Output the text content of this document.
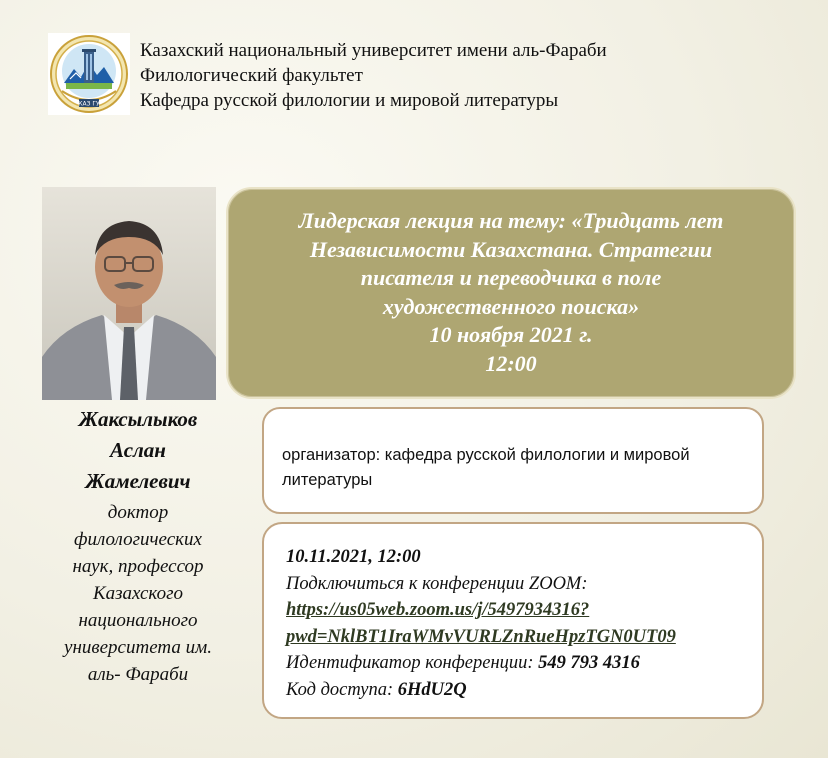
КАЗ ГУ
Казахский национальный университет имени аль-Фараби
Филологический факультет
Кафедра русской филологии и мировой литературы
Жаксылыков
Аслан
Жамелевич
доктор
филологических
наук, профессор
Казахского
национального
университета им.
аль- Фараби
Лидерская лекция на тему: «Тридцать лет
Независимости Казахстана. Стратегии
писателя и переводчика в поле
художественного поиска»
10 ноября 2021 г.
12:00
организатор: кафедра русской филологии и мировой
литературы
10.11.2021, 12:00
Подключиться к конференции ZOOM:
https://us05web.zoom.us/j/5497934316?
pwd=NklBT1IraWMvVURLZnRueHpzTGN0UT09
Идентификатор конференции: 549 793 4316
Код доступа: 6HdU2Q
